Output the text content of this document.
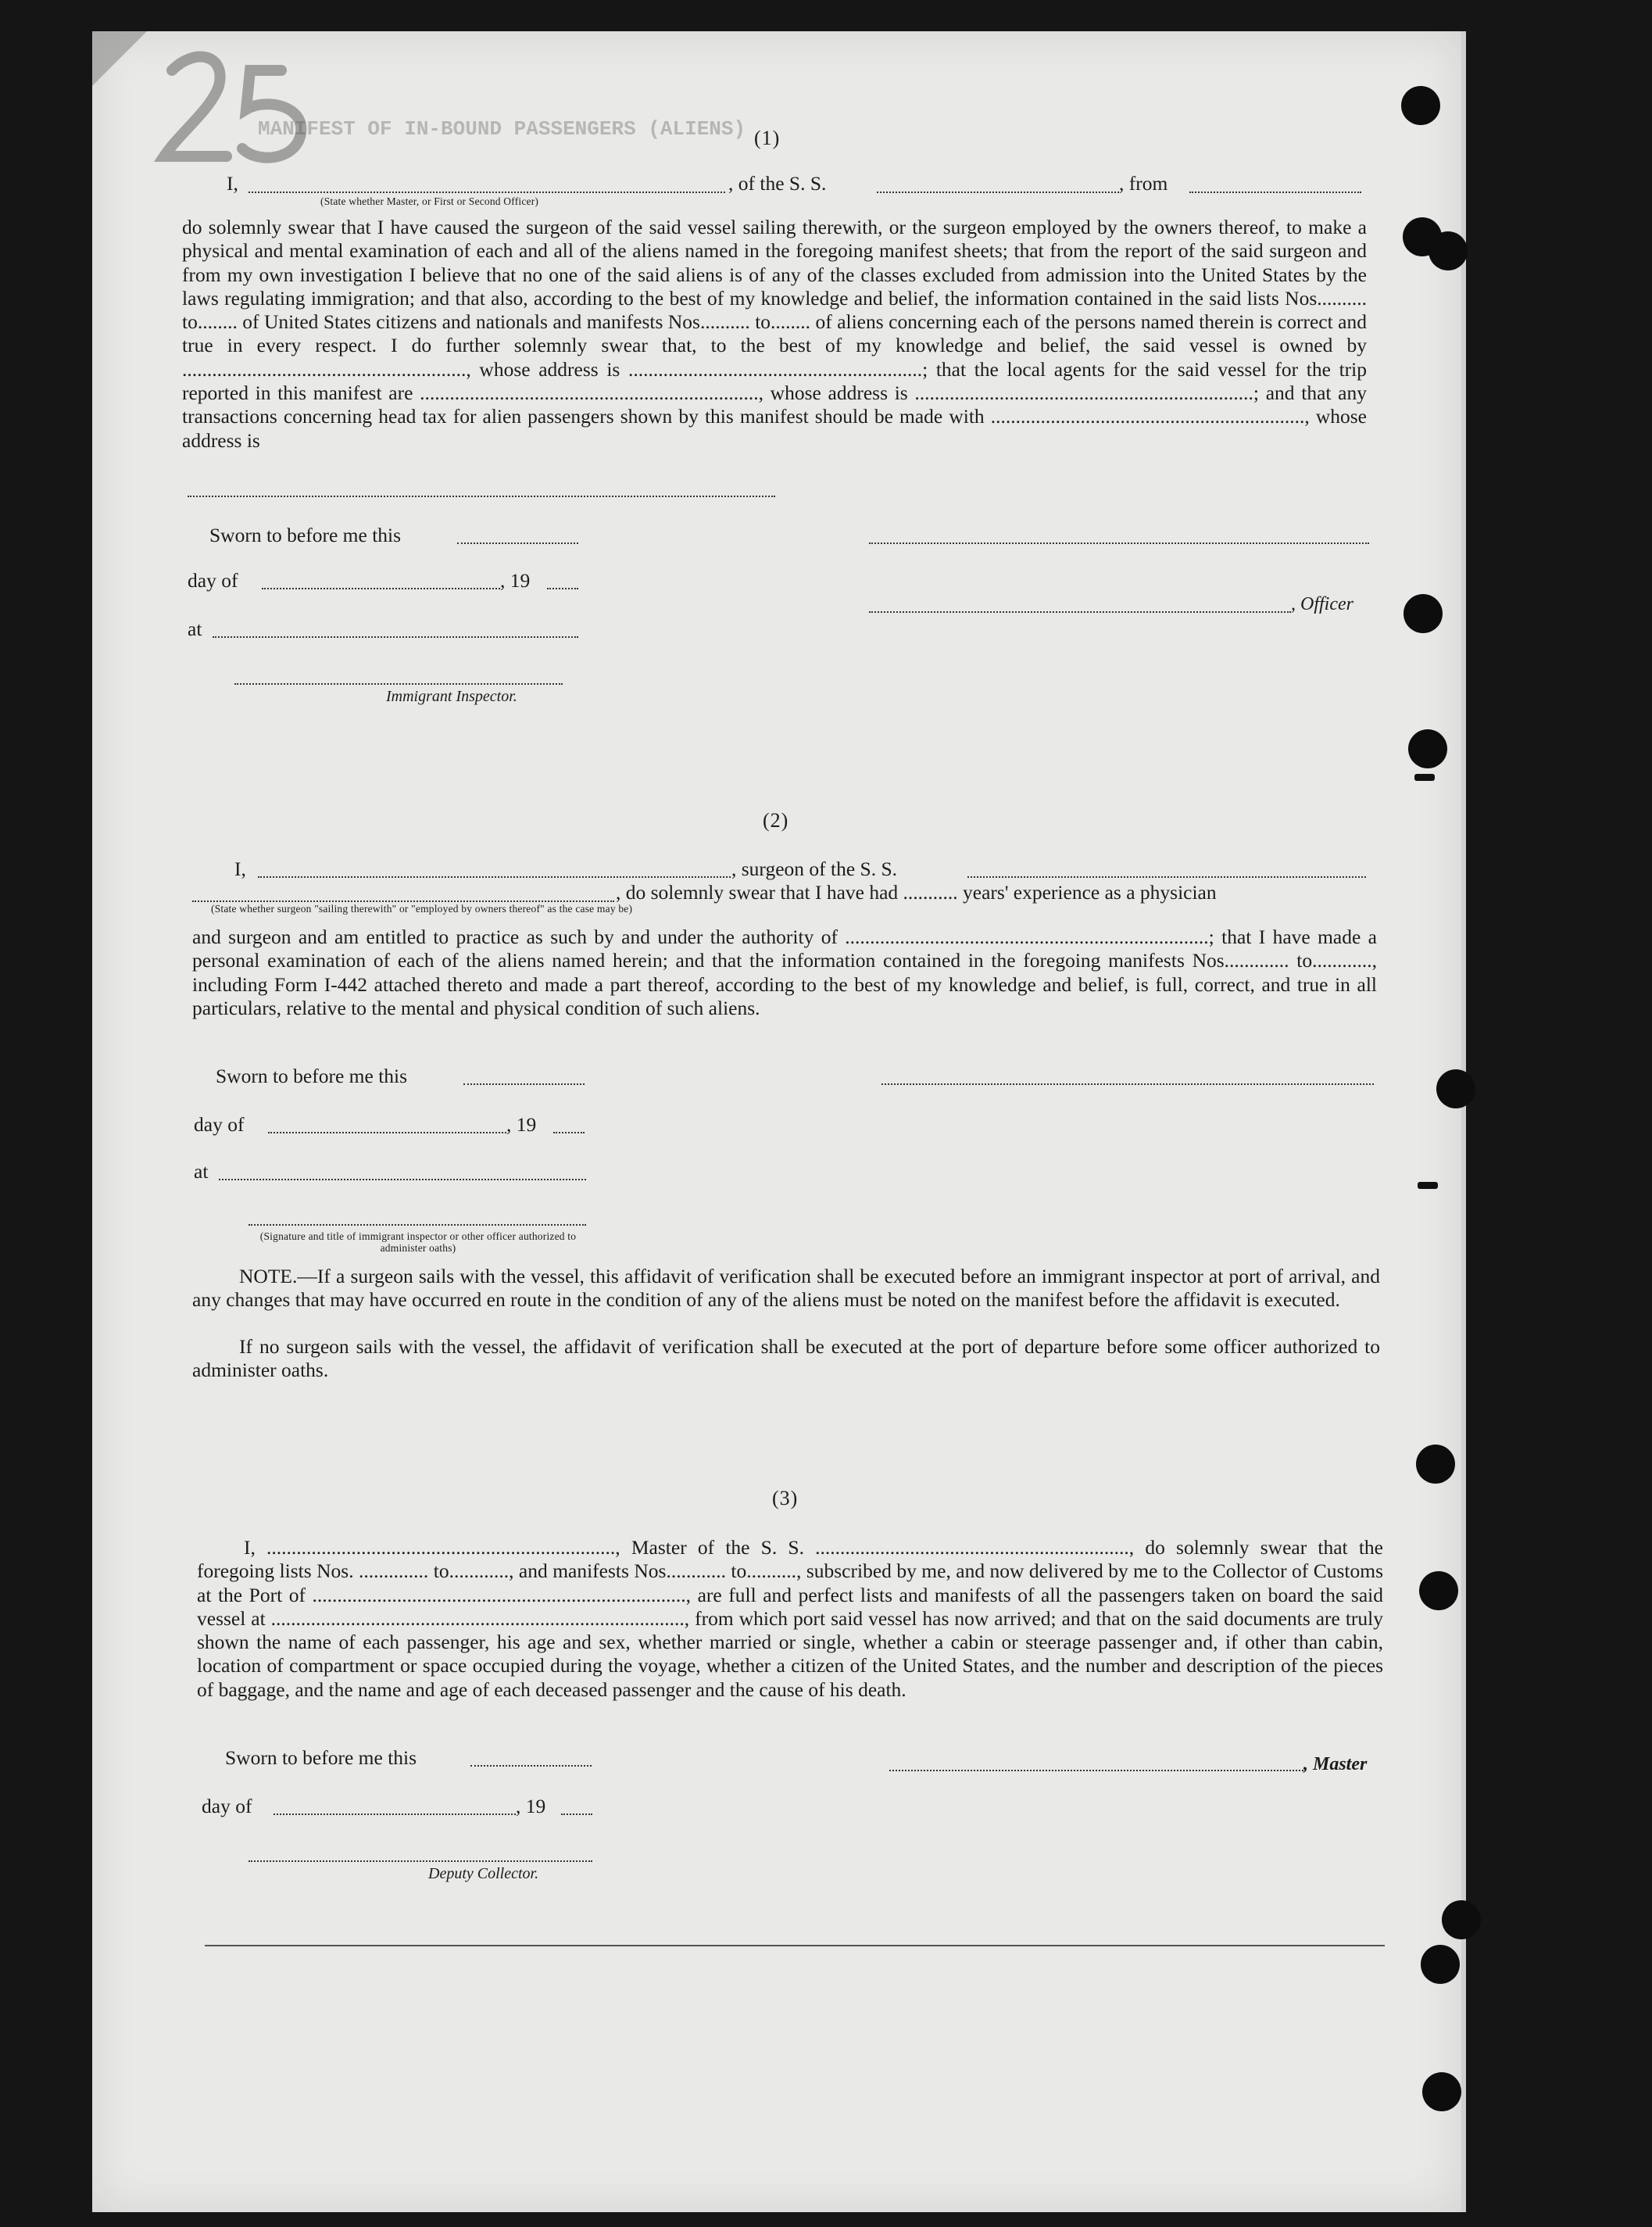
MANIFEST OF IN-BOUND PASSENGERS (ALIENS) (1)
I,
(State whether Master, or First or Second Officer)
, of the S. S.	, from
do solemnly swear that I have caused the surgeon of the said vessel sailing therewith, or the surgeon employed by the owners thereof, to make a physical and mental examination of each and all of the aliens named in the foregoing manifest sheets; that from the report of the said surgeon and from my own investigation I believe that no one of the said aliens is of any of the classes excluded from admission into the United States by the laws regulating immigration; and that also, according to the best of my knowledge and belief, the information contained in the said lists Nos.......... to........ of United States citizens and nationals and manifests Nos.......... to........ of aliens concerning each of the persons named therein is correct and true in every respect. I do further solemnly swear that, to the best of my knowledge and belief, the said vessel is owned by ........................................................., whose address is ...........................................................; that the local agents for the said vessel for the trip reported in this manifest are ...................................................................., whose address is ....................................................................; and that any transactions concerning head tax for alien passengers shown by this manifest should be made with ..............................................................., whose address is
Sworn to before me this
day of	, 19
at
Immigrant Inspector.
, Officer
(2)
I,	, surgeon of the S. S.
, do solemnly swear that I have had ........... years' experience as a physician
(State whether surgeon "sailing therewith" or "employed by owners thereof" as the case may be)
and surgeon and am entitled to practice as such by and under the authority of .........................................................................; that I have made a personal examination of each of the aliens named herein; and that the information contained in the foregoing manifests Nos............. to............, including Form I-442 attached thereto and made a part thereof, according to the best of my knowledge and belief, is full, correct, and true in all particulars, relative to the mental and physical condition of such aliens.
Sworn to before me this
day of	, 19
at
(Signature and title of immigrant inspector or other officer authorized to administer oaths)
NOTE.—If a surgeon sails with the vessel, this affidavit of verification shall be executed before an immigrant inspector at port of arrival, and any changes that may have occurred en route in the condition of any of the aliens must be noted on the manifest before the affidavit is executed.
If no surgeon sails with the vessel, the affidavit of verification shall be executed at the port of departure before some officer authorized to administer oaths.
(3)
I, ......................................................................, Master of the S. S. ..............................................................., do solemnly swear that the foregoing lists Nos. .............. to............, and manifests Nos............ to.........., subscribed by me, and now delivered by me to the Collector of Customs at the Port of ..........................................................................., are full and perfect lists and manifests of all the passengers taken on board the said vessel at ..................................................................................., from which port said vessel has now arrived; and that on the said documents are truly shown the name of each passenger, his age and sex, whether married or single, whether a cabin or steerage passenger and, if other than cabin, location of compartment or space occupied during the voyage, whether a citizen of the United States, and the number and description of the pieces of baggage, and the name and age of each deceased passenger and the cause of his death.
Sworn to before me this
day of	, 19
Deputy Collector.
, Master
